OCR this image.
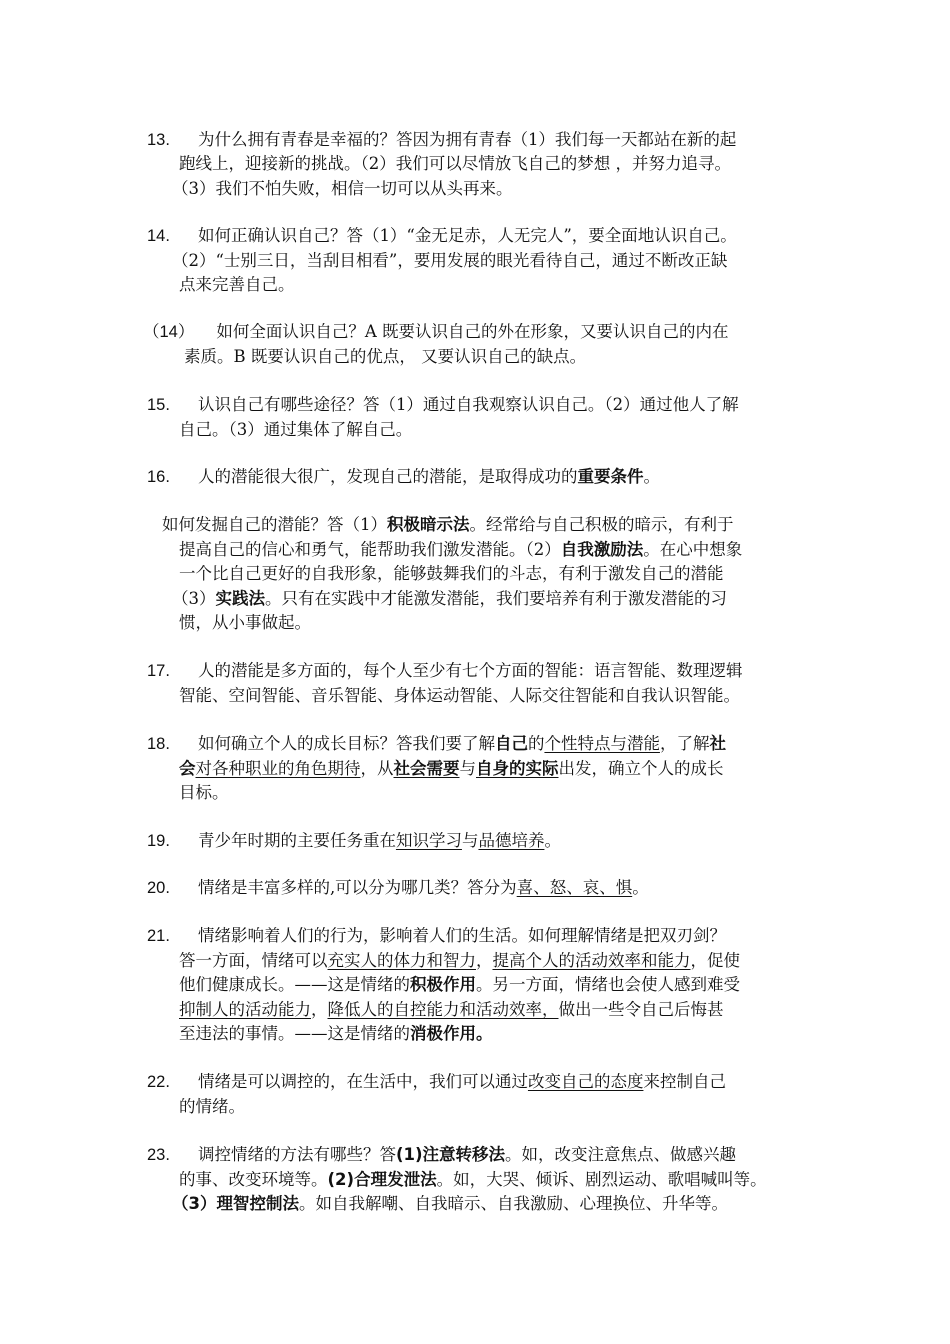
13. 为什么拥有青春是幸福的？答因为拥有青春（1）我们每一天都站在新的起
跑线上，迎接新的挑战。（2）我们可以尽情放飞自己的梦想 ，并努力追寻。
（3）我们不怕失败，相信一切可以从头再来。
14. 如何正确认识自己？答（1）“金无足赤，人无完人”，要全面地认识自己。
（2）“士别三日，当刮目相看”，要用发展的眼光看待自己，通过不断改正缺
点来完善自己。
（14） 如何全面认识自己？A 既要认识自己的外在形象，又要认识自己的内在
素质。B 既要认识自己的优点， 又要认识自己的缺点。
15. 认识自己有哪些途径？答（1）通过自我观察认识自己。（2）通过他人了解
自己。（3）通过集体了解自己。
16. 人的潜能很大很广，发现自己的潜能，是取得成功的重要条件。
如何发掘自己的潜能？答（1）积极暗示法。经常给与自己积极的暗示，有利于
提高自己的信心和勇气，能帮助我们激发潜能。（2）自我激励法。在心中想象
一个比自己更好的自我形象，能够鼓舞我们的斗志，有利于激发自己的潜能
（3）实践法。只有在实践中才能激发潜能，我们要培养有利于激发潜能的习
惯，从小事做起。
17. 人的潜能是多方面的，每个人至少有七个方面的智能：语言智能、数理逻辑
智能、空间智能、音乐智能、身体运动智能、人际交往智能和自我认识智能。
18. 如何确立个人的成长目标？答我们要了解自己的个性特点与潜能，了解社
会对各种职业的角色期待，从社会需要与自身的实际出发，确立个人的成长
目标。
19. 青少年时期的主要任务重在知识学习与品德培养。
20. 情绪是丰富多样的,可以分为哪几类？答分为喜、怒、哀、惧。
21. 情绪影响着人们的行为，影响着人们的生活。如何理解情绪是把双刃剑？
答一方面，情绪可以充实人的体力和智力，提高个人的活动效率和能力，促使
他们健康成长。——这是情绪的积极作用。另一方面，情绪也会使人感到难受
抑制人的活动能力，降低人的自控能力和活动效率，做出一些令自己后悔甚
至违法的事情。——这是情绪的消极作用。
22. 情绪是可以调控的，在生活中，我们可以通过改变自己的态度来控制自己
的情绪。
23. 调控情绪的方法有哪些？答(1)注意转移法。如，改变注意焦点、做感兴趣
的事、改变环境等。(2)合理发泄法。如，大哭、倾诉、剧烈运动、歌唱喊叫等。
（3）理智控制法。如自我解嘲、自我暗示、自我激励、心理换位、升华等。
